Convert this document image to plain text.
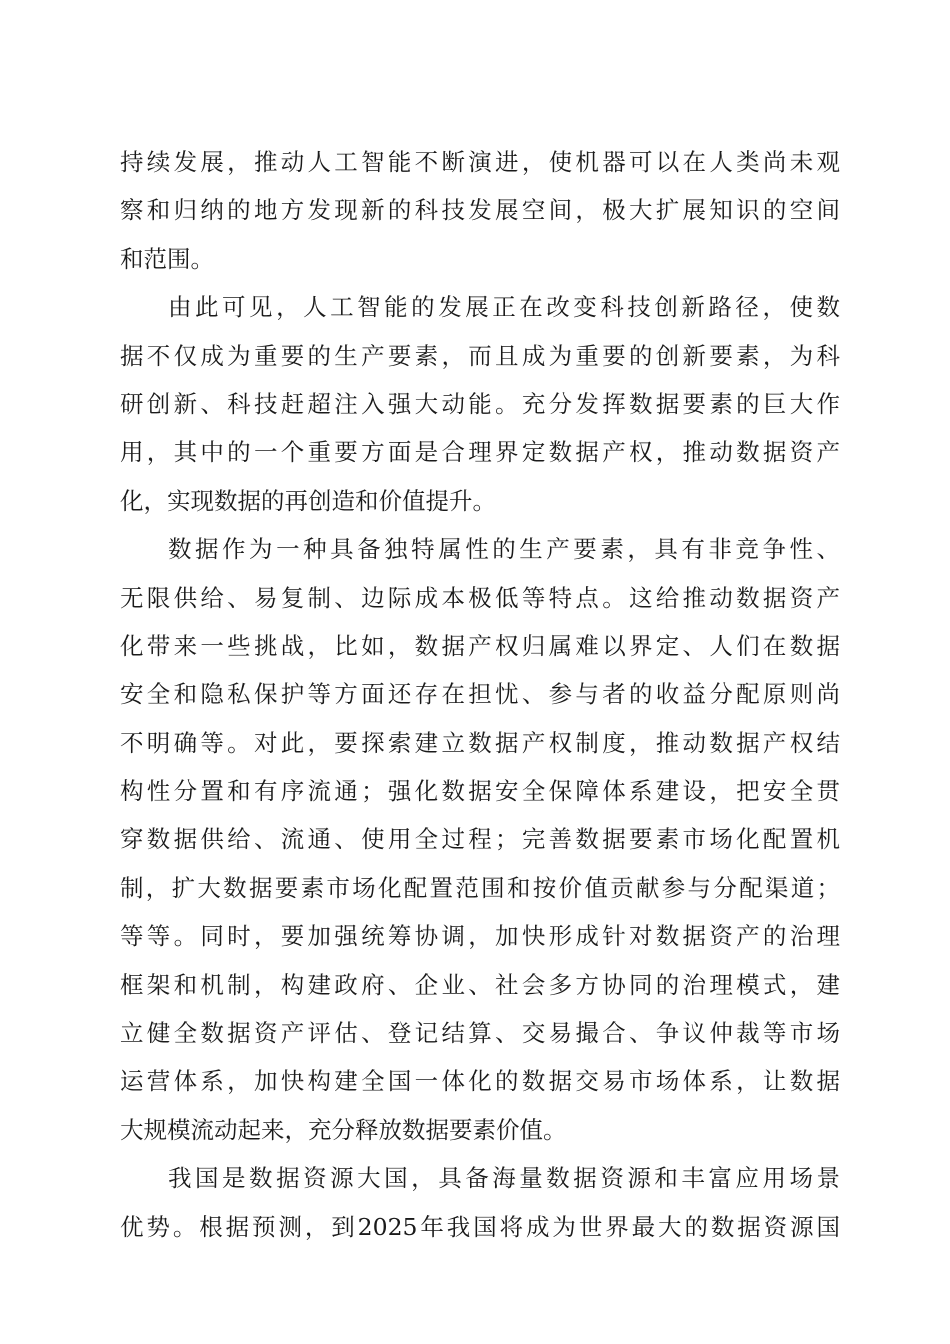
持续发展，推动人工智能不断演进，使机器可以在人类尚未观
察和归纳的地方发现新的科技发展空间，极大扩展知识的空间
和范围。
由此可见，人工智能的发展正在改变科技创新路径，使数
据不仅成为重要的生产要素，而且成为重要的创新要素，为科
研创新、科技赶超注入强大动能。充分发挥数据要素的巨大作
用，其中的一个重要方面是合理界定数据产权，推动数据资产
化，实现数据的再创造和价值提升。
数据作为一种具备独特属性的生产要素，具有非竞争性、
无限供给、易复制、边际成本极低等特点。这给推动数据资产
化带来一些挑战，比如，数据产权归属难以界定、人们在数据
安全和隐私保护等方面还存在担忧、参与者的收益分配原则尚
不明确等。对此，要探索建立数据产权制度，推动数据产权结
构性分置和有序流通；强化数据安全保障体系建设，把安全贯
穿数据供给、流通、使用全过程；完善数据要素市场化配置机
制，扩大数据要素市场化配置范围和按价值贡献参与分配渠道；
等等。同时，要加强统筹协调，加快形成针对数据资产的治理
框架和机制，构建政府、企业、社会多方协同的治理模式，建
立健全数据资产评估、登记结算、交易撮合、争议仲裁等市场
运营体系，加快构建全国一体化的数据交易市场体系，让数据
大规模流动起来，充分释放数据要素价值。
我国是数据资源大国，具备海量数据资源和丰富应用场景
优势。根据预测，到2025年我国将成为世界最大的数据资源国
